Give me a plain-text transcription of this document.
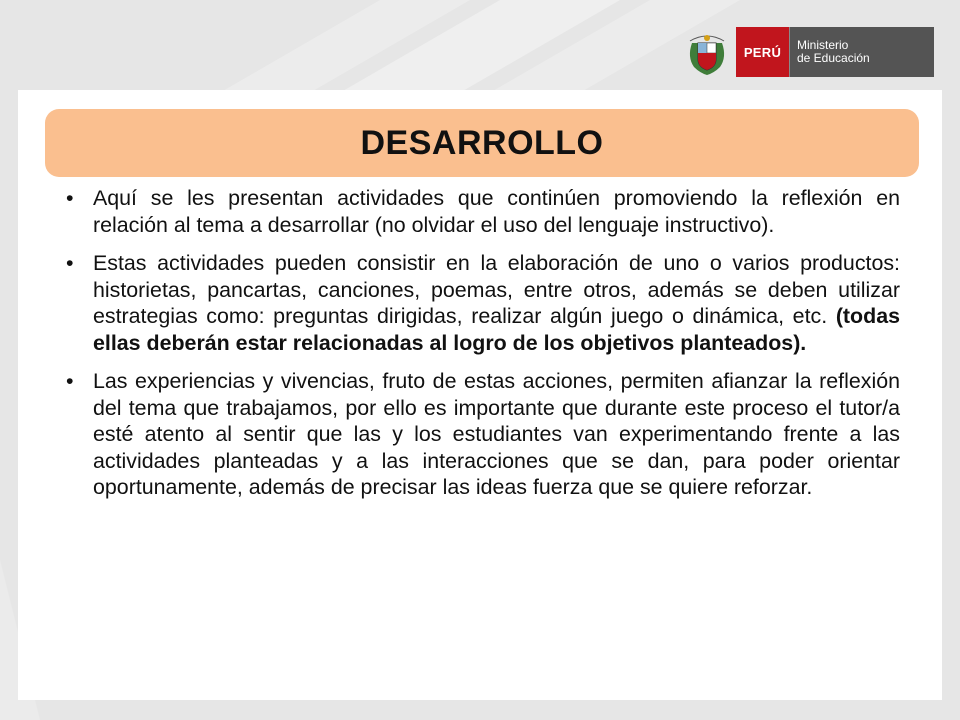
PERÚ Ministerio
de Educación
DESARROLLO
• Aquí se les presentan actividades que continúen promoviendo la reflexión en relación al tema a desarrollar (no olvidar el uso del lenguaje instructivo).
• Estas actividades pueden consistir en la elaboración de uno o varios productos: historietas, pancartas, canciones, poemas, entre otros, además se deben utilizar estrategias como: preguntas dirigidas, realizar algún juego o dinámica, etc. (todas ellas deberán estar relacionadas al logro de los objetivos planteados).
• Las experiencias y vivencias, fruto de estas acciones, permiten afianzar la reflexión del tema que trabajamos, por ello es importante que durante este proceso el tutor/a esté atento al sentir que las y los estudiantes van experimentando frente a las actividades planteadas y a las interacciones que se dan, para poder orientar oportunamente, además de precisar las ideas fuerza que se quiere reforzar.
